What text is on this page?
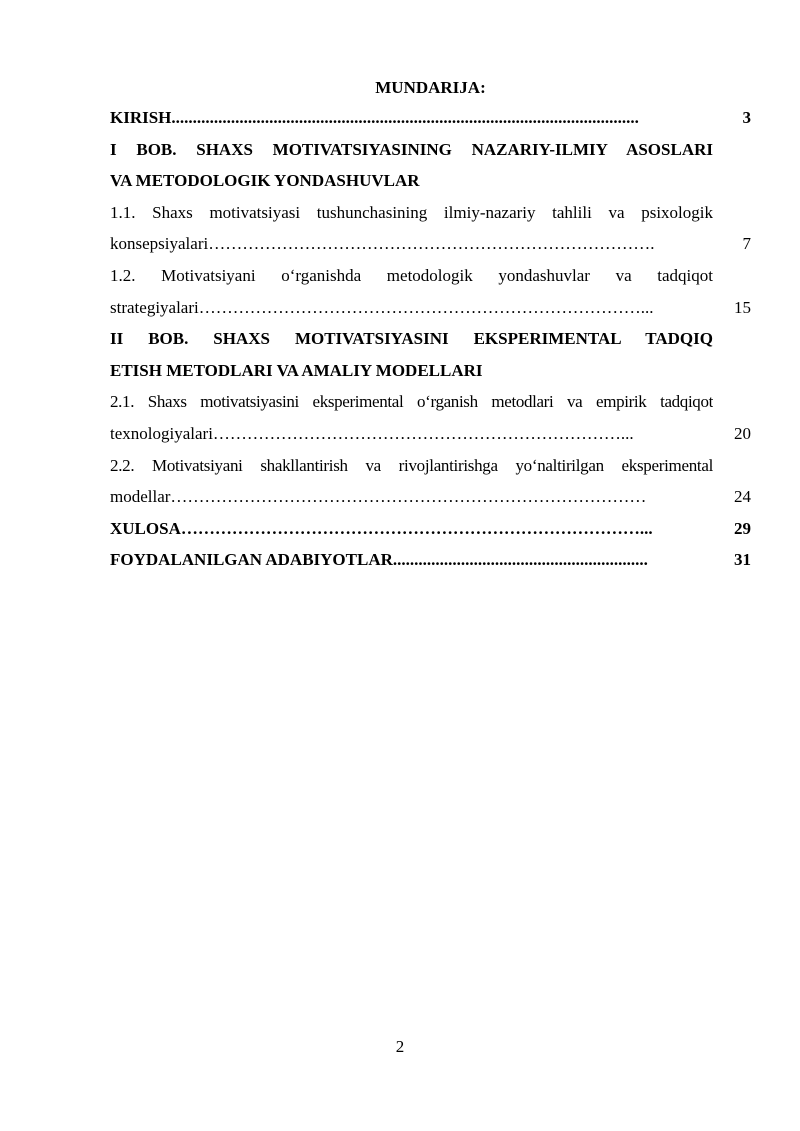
MUNDARIJA:
KIRISH..............................................................................................................	3
I BOB. SHAXS MOTIVATSIYASINING NAZARIY-ILMIY ASOSLARI
VA METODOLOGIK YONDASHUVLAR
1.1. Shaxs motivatsiyasi tushunchasining ilmiy-nazariy tahlili va psixologik
konsepsiyalari…………………………………………………………………….	7
1.2. Motivatsiyani o‘rganishda metodologik yondashuvlar va tadqiqot
strategiyalari……………………………………………………………………...	15
II BOB. SHAXS MOTIVATSIYASINI EKSPERIMENTAL TADQIQ
ETISH METODLARI VA AMALIY MODELLARI
2.1. Shaxs motivatsiyasini eksperimental o‘rganish metodlari va empirik tadqiqot
texnologiyalari………………………………………………………………...	20
2.2. Motivatsiyani shakllantirish va rivojlantirishga yo‘naltirilgan eksperimental
modellar…………………………………………………………………………	24
XULOSA………………………………………………………………………...	29
FOYDALANILGAN ADABIYOTLAR............................................................	31
2
